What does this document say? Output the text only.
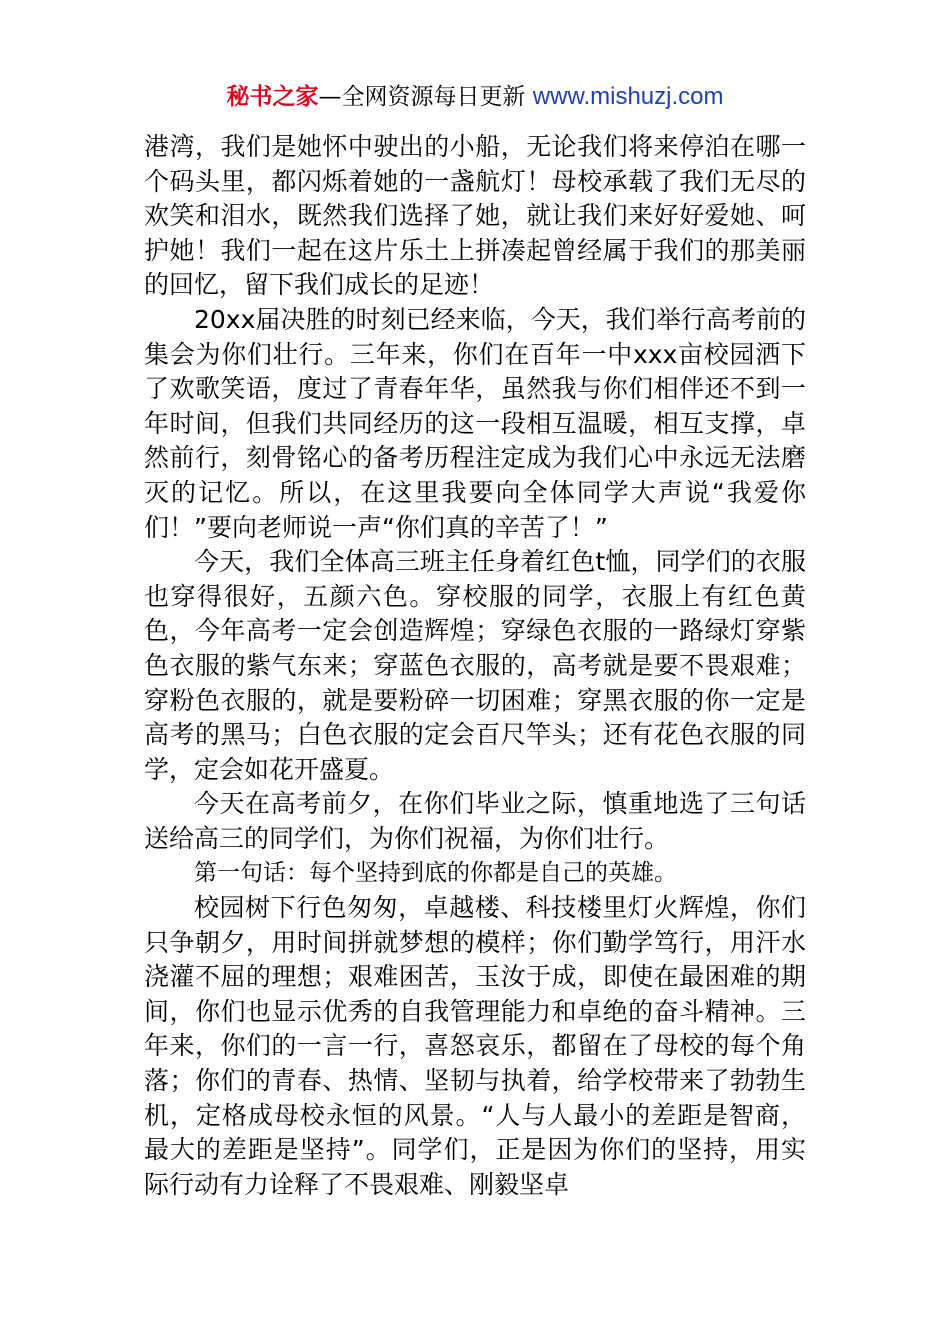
秘书之家—全网资源每日更新 www.mishuzj.com

港湾，我们是她怀中驶出的小船，无论我们将来停泊在哪一个码头里，都闪烁着她的一盏航灯！母校承载了我们无尽的欢笑和泪水，既然我们选择了她，就让我们来好好爱她、呵护她！我们一起在这片乐土上拼凑起曾经属于我们的那美丽的回忆，留下我们成长的足迹！

20xx届决胜的时刻已经来临，今天，我们举行高考前的集会为你们壮行。三年来，你们在百年一中xxx亩校园洒下了欢歌笑语，度过了青春年华，虽然我与你们相伴还不到一年时间，但我们共同经历的这一段相互温暖，相互支撑，卓然前行，刻骨铭心的备考历程注定成为我们心中永远无法磨灭的记忆。所以，在这里我要向全体同学大声说“我爱你们！”要向老师说一声“你们真的辛苦了！”

今天，我们全体高三班主任身着红色t恤，同学们的衣服也穿得很好，五颜六色。穿校服的同学，衣服上有红色黄色，今年高考一定会创造辉煌；穿绿色衣服的一路绿灯穿紫色衣服的紫气东来；穿蓝色衣服的，高考就是要不畏艰难；穿粉色衣服的，就是要粉碎一切困难；穿黑衣服的你一定是高考的黑马；白色衣服的定会百尺竿头；还有花色衣服的同学，定会如花开盛夏。

今天在高考前夕，在你们毕业之际，慎重地选了三句话送给高三的同学们，为你们祝福，为你们壮行。

第一句话：每个坚持到底的你都是自己的英雄。

校园树下行色匆匆，卓越楼、科技楼里灯火辉煌，你们只争朝夕，用时间拼就梦想的模样；你们勤学笃行，用汗水浇灌不屈的理想；艰难困苦，玉汝于成，即使在最困难的期间，你们也显示优秀的自我管理能力和卓绝的奋斗精神。三年来，你们的一言一行，喜怒哀乐，都留在了母校的每个角落；你们的青春、热情、坚韧与执着，给学校带来了勃勃生机，定格成母校永恒的风景。“人与人最小的差距是智商，最大的差距是坚持”。同学们，正是因为你们的坚持，用实际行动有力诠释了不畏艰难、刚毅坚卓
